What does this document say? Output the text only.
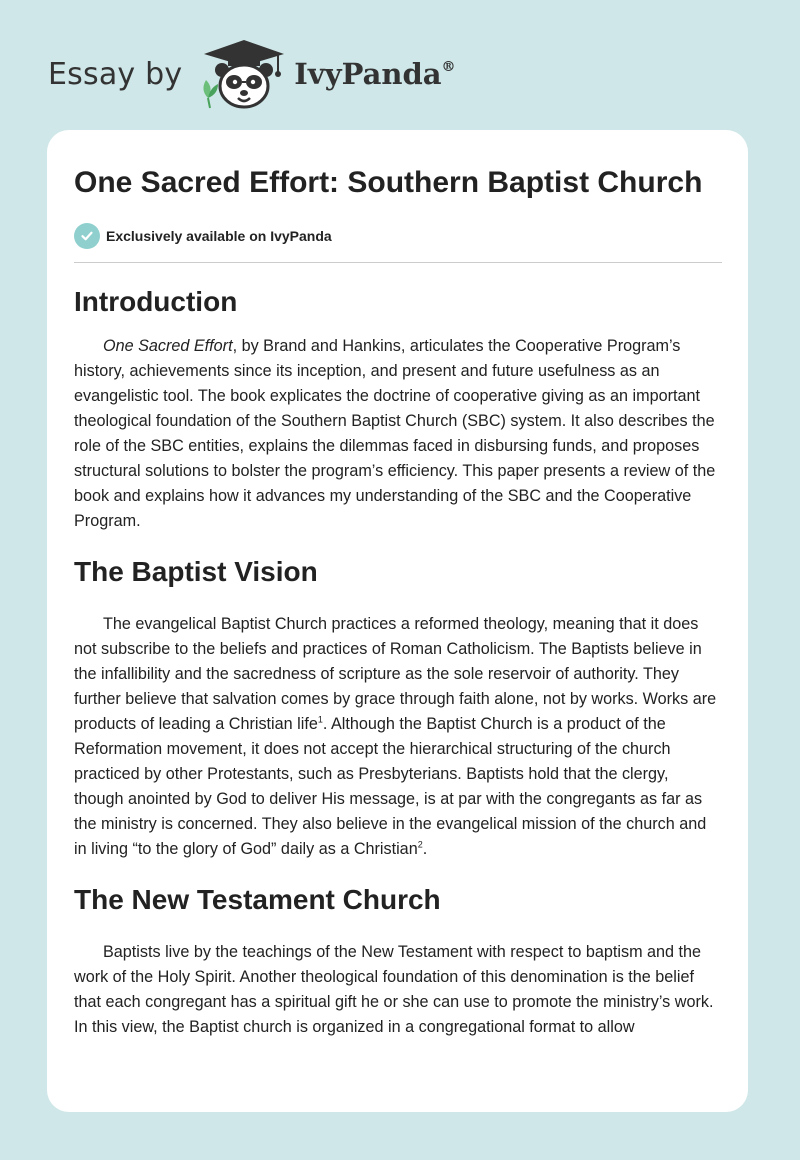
Essay by	IvyPanda®
One Sacred Effort: Southern Baptist Church
Exclusively available on IvyPanda
Introduction

One Sacred Effort, by Brand and Hankins, articulates the Cooperative Program’s history, achievements since its inception, and present and future usefulness as an evangelistic tool. The book explicates the doctrine of cooperative giving as an important theological foundation of the Southern Baptist Church (SBC) system. It also describes the role of the SBC entities, explains the dilemmas faced in disbursing funds, and proposes structural solutions to bolster the program’s efficiency. This paper presents a review of the book and explains how it advances my understanding of the SBC and the Cooperative Program.

The Baptist Vision

The evangelical Baptist Church practices a reformed theology, meaning that it does not subscribe to the beliefs and practices of Roman Catholicism. The Baptists believe in the infallibility and the sacredness of scripture as the sole reservoir of authority. They further believe that salvation comes by grace through faith alone, not by works. Works are products of leading a Christian life$^1$. Although the Baptist Church is a product of the Reformation movement, it does not accept the hierarchical structuring of the church practiced by other Protestants, such as Presbyterians. Baptists hold that the clergy, though anointed by God to deliver His message, is at par with the congregants as far as the ministry is concerned. They also believe in the evangelical mission of the church and in living “to the glory of God” daily as a Christian$^2$.

The New Testament Church

Baptists live by the teachings of the New Testament with respect to baptism and the work of the Holy Spirit. Another theological foundation of this denomination is the belief that each congregant has a spiritual gift he or she can use to promote the ministry’s work. In this view, the Baptist church is organized in a congregational format to allow
